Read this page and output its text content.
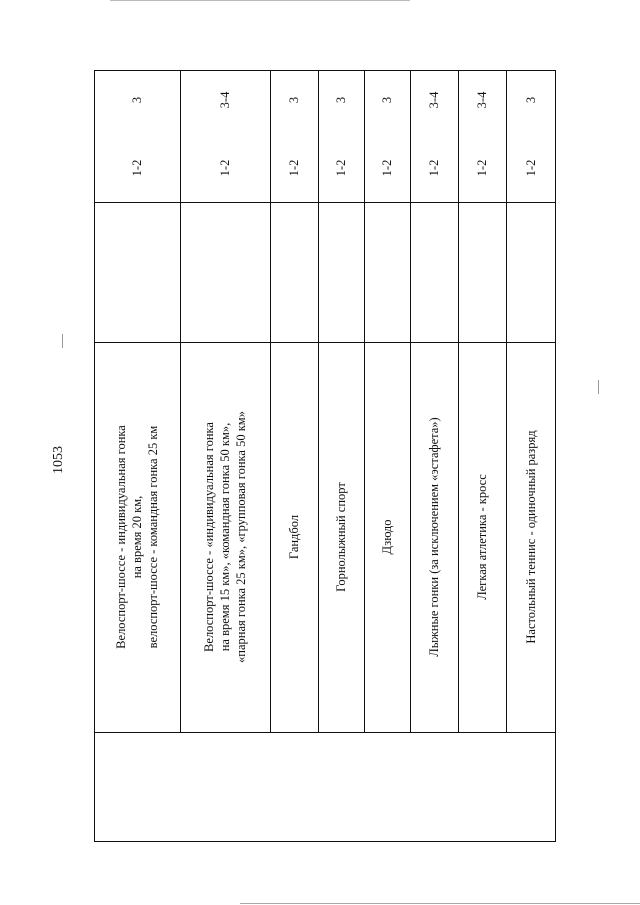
1053	Велоспорт-шоссе - индивидуальная гонка на время 20 км, велоспорт-шоссе - командная гонка 25 км
1-2
3
Велоспорт-шоссе - «индивидуальная гонка на время 15 км», «командная гонка 50 км», «парная гонка 25 км», «групповая гонка 50 км»
1-2
3-4
Гандбол
1-2
3
Горнолыжный спорт
1-2
3
Дзюдо
1-2
3
Лыжные гонки (за исключением «эстафета»)
1-2
3-4
Легкая атлетика - кросс
1-2
3-4
Настольный теннис - одиночный разряд
1-2
3
